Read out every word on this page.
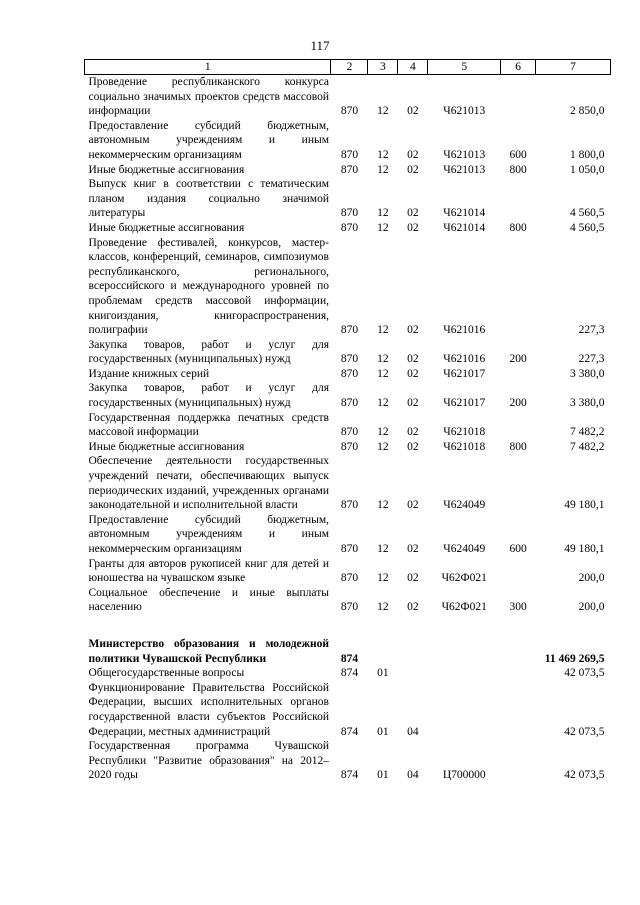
117
1	2	3	4	5	6	7
Проведение республиканского конкурса социально значимых проектов средств массовой информации	870	12	02	Ч621013		2 850,0
Предоставление субсидий бюджетным, автономным учреждениям и иным некоммерческим организациям	870	12	02	Ч621013	600	1 800,0
Иные бюджетные ассигнования	870	12	02	Ч621013	800	1 050,0
Выпуск книг в соответствии с тематическим планом издания социально значимой литературы	870	12	02	Ч621014		4 560,5
Иные бюджетные ассигнования	870	12	02	Ч621014	800	4 560,5
Проведение фестивалей, конкурсов, мастер-классов, конференций, семинаров, симпозиумов республиканского, регионального, всероссийского и международного уровней по проблемам средств массовой информации, книгоиздания, книгораспространения, полиграфии	870	12	02	Ч621016		227,3
Закупка товаров, работ и услуг для государственных (муниципальных) нужд	870	12	02	Ч621016	200	227,3
Издание книжных серий	870	12	02	Ч621017		3 380,0
Закупка товаров, работ и услуг для государственных (муниципальных) нужд	870	12	02	Ч621017	200	3 380,0
Государственная поддержка печатных средств массовой информации	870	12	02	Ч621018		7 482,2
Иные бюджетные ассигнования	870	12	02	Ч621018	800	7 482,2
Обеспечение деятельности государственных учреждений печати, обеспечивающих выпуск периодических изданий, учрежденных органами законодательной и исполнительной власти	870	12	02	Ч624049		49 180,1
Предоставление субсидий бюджетным, автономным учреждениям и иным некоммерческим организациям	870	12	02	Ч624049	600	49 180,1
Гранты для авторов рукописей книг для детей и юношества на чувашском языке	870	12	02	Ч62Ф021		200,0
Социальное обеспечение и иные выплаты населению	870	12	02	Ч62Ф021	300	200,0

Министерство образования и молодежной политики Чувашской Республики	874					11 469 269,5
Общегосударственные вопросы	874	01				42 073,5
Функционирование Правительства Российской Федерации, высших исполнительных органов государственной власти субъектов Российской Федерации, местных администраций	874	01	04			42 073,5
Государственная программа Чувашской Республики "Развитие образования" на 2012–2020 годы	874	01	04	Ц700000		42 073,5
